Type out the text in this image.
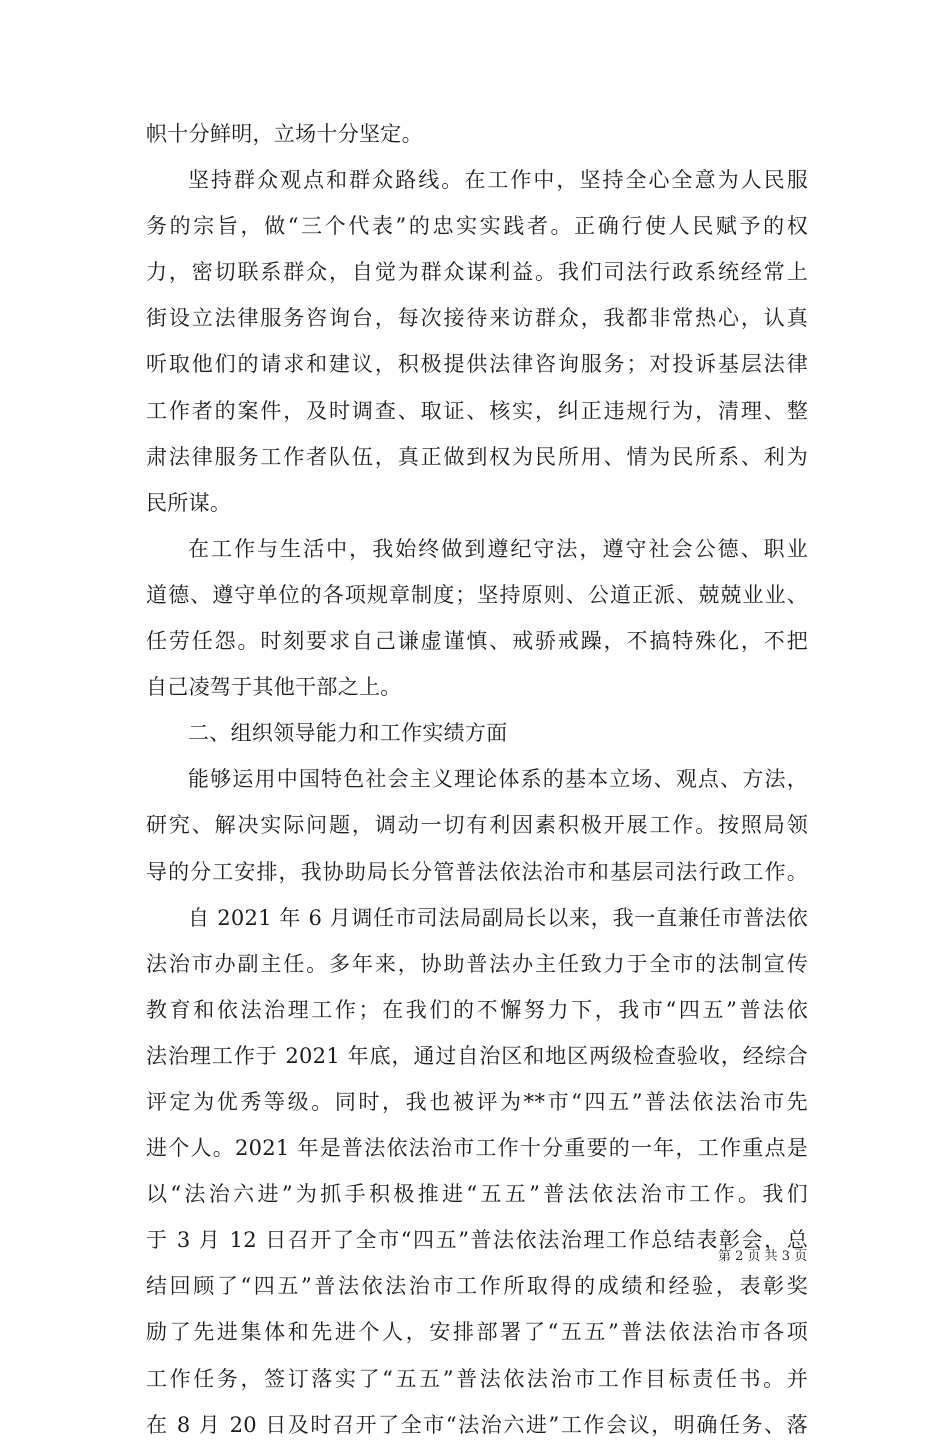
帜十分鲜明，立场十分坚定。
坚持群众观点和群众路线。在工作中，坚持全心全意为人民服
务的宗旨，做“三个代表”的忠实实践者。正确行使人民赋予的权
力，密切联系群众，自觉为群众谋利益。我们司法行政系统经常上
街设立法律服务咨询台，每次接待来访群众，我都非常热心，认真
听取他们的请求和建议，积极提供法律咨询服务；对投诉基层法律
工作者的案件，及时调查、取证、核实，纠正违规行为，清理、整
肃法律服务工作者队伍，真正做到权为民所用、情为民所系、利为
民所谋。
在工作与生活中，我始终做到遵纪守法，遵守社会公德、职业
道德、遵守单位的各项规章制度；坚持原则、公道正派、兢兢业业、
任劳任怨。时刻要求自己谦虚谨慎、戒骄戒躁，不搞特殊化，不把
自己凌驾于其他干部之上。
二、组织领导能力和工作实绩方面
能够运用中国特色社会主义理论体系的基本立场、观点、方法，
研究、解决实际问题，调动一切有利因素积极开展工作。按照局领
导的分工安排，我协助局长分管普法依法治市和基层司法行政工作。
自 2021 年 6 月调任市司法局副局长以来，我一直兼任市普法依
法治市办副主任。多年来，协助普法办主任致力于全市的法制宣传
教育和依法治理工作；在我们的不懈努力下，我市“四五”普法依
法治理工作于 2021 年底，通过自治区和地区两级检查验收，经综合
评定为优秀等级。同时，我也被评为**市“四五”普法依法治市先
进个人。2021 年是普法依法治市工作十分重要的一年，工作重点是
以“法治六进”为抓手积极推进“五五”普法依法治市工作。我们
于 3 月 12 日召开了全市“四五”普法依法治理工作总结表彰会，总
结回顾了“四五”普法依法治市工作所取得的成绩和经验，表彰奖
励了先进集体和先进个人，安排部署了“五五”普法依法治市各项
工作任务，签订落实了“五五”普法依法治市工作目标责任书。并
在 8 月 20 日及时召开了全市“法治六进”工作会议，明确任务、落
第 2 页 共 3 页
